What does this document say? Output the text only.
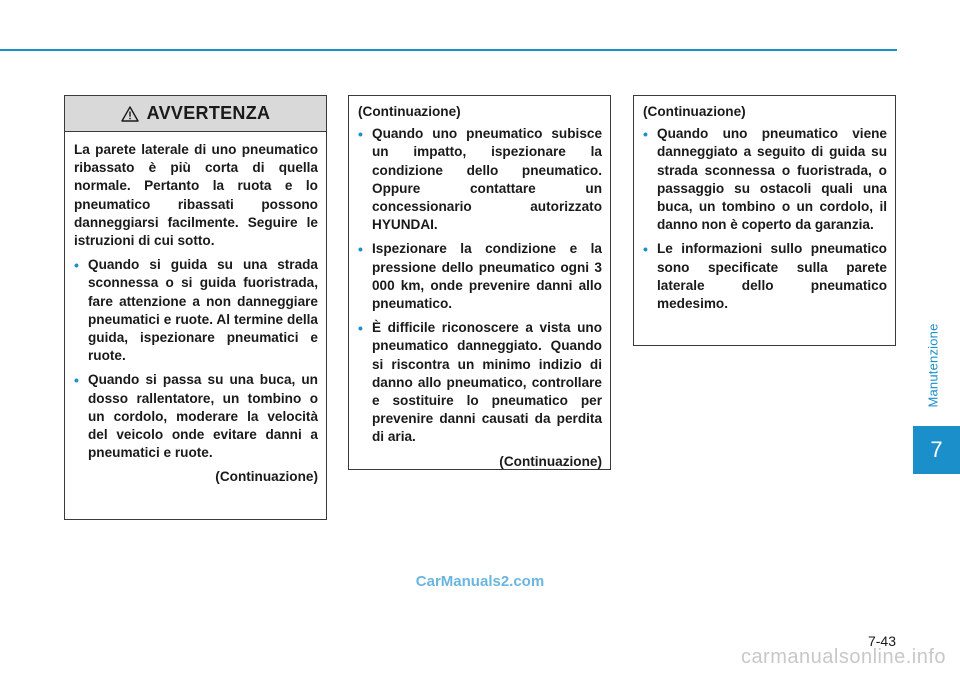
Manutenzione
7
AVVERTENZA

La parete laterale di uno pneumatico ribassato è più corta di quella normale. Pertanto la ruota e lo pneumatico ribassati possono danneggiarsi facilmente. Seguire le istruzioni di cui sotto.

• Quando si guida su una strada sconnessa o si guida fuoristrada, fare attenzione a non danneggiare pneumatici e ruote. Al termine della guida, ispezionare pneumatici e ruote.
• Quando si passa su una buca, un dosso rallentatore, un tombino o un cordolo, moderare la velocità del veicolo onde evitare danni a pneumatici e ruote.

(Continuazione)

(Continuazione)

• Quando uno pneumatico subisce un impatto, ispezionare la condizione dello pneumatico. Oppure contattare un concessionario autorizzato HYUNDAI.
• Ispezionare la condizione e la pressione dello pneumatico ogni 3 000 km, onde prevenire danni allo pneumatico.
• È difficile riconoscere a vista uno pneumatico danneggiato. Quando si riscontra un minimo indizio di danno allo pneumatico, controllare e sostituire lo pneumatico per prevenire danni causati da perdita di aria.

(Continuazione)

(Continuazione)

• Quando uno pneumatico viene danneggiato a seguito di guida su strada sconnessa o fuoristrada, o passaggio su ostacoli quali una buca, un tombino o un cordolo, il danno non è coperto da garanzia.
• Le informazioni sullo pneumatico sono specificate sulla parete laterale dello pneumatico medesimo.
CarManuals2.com
7-43
carmanualsonline.info
